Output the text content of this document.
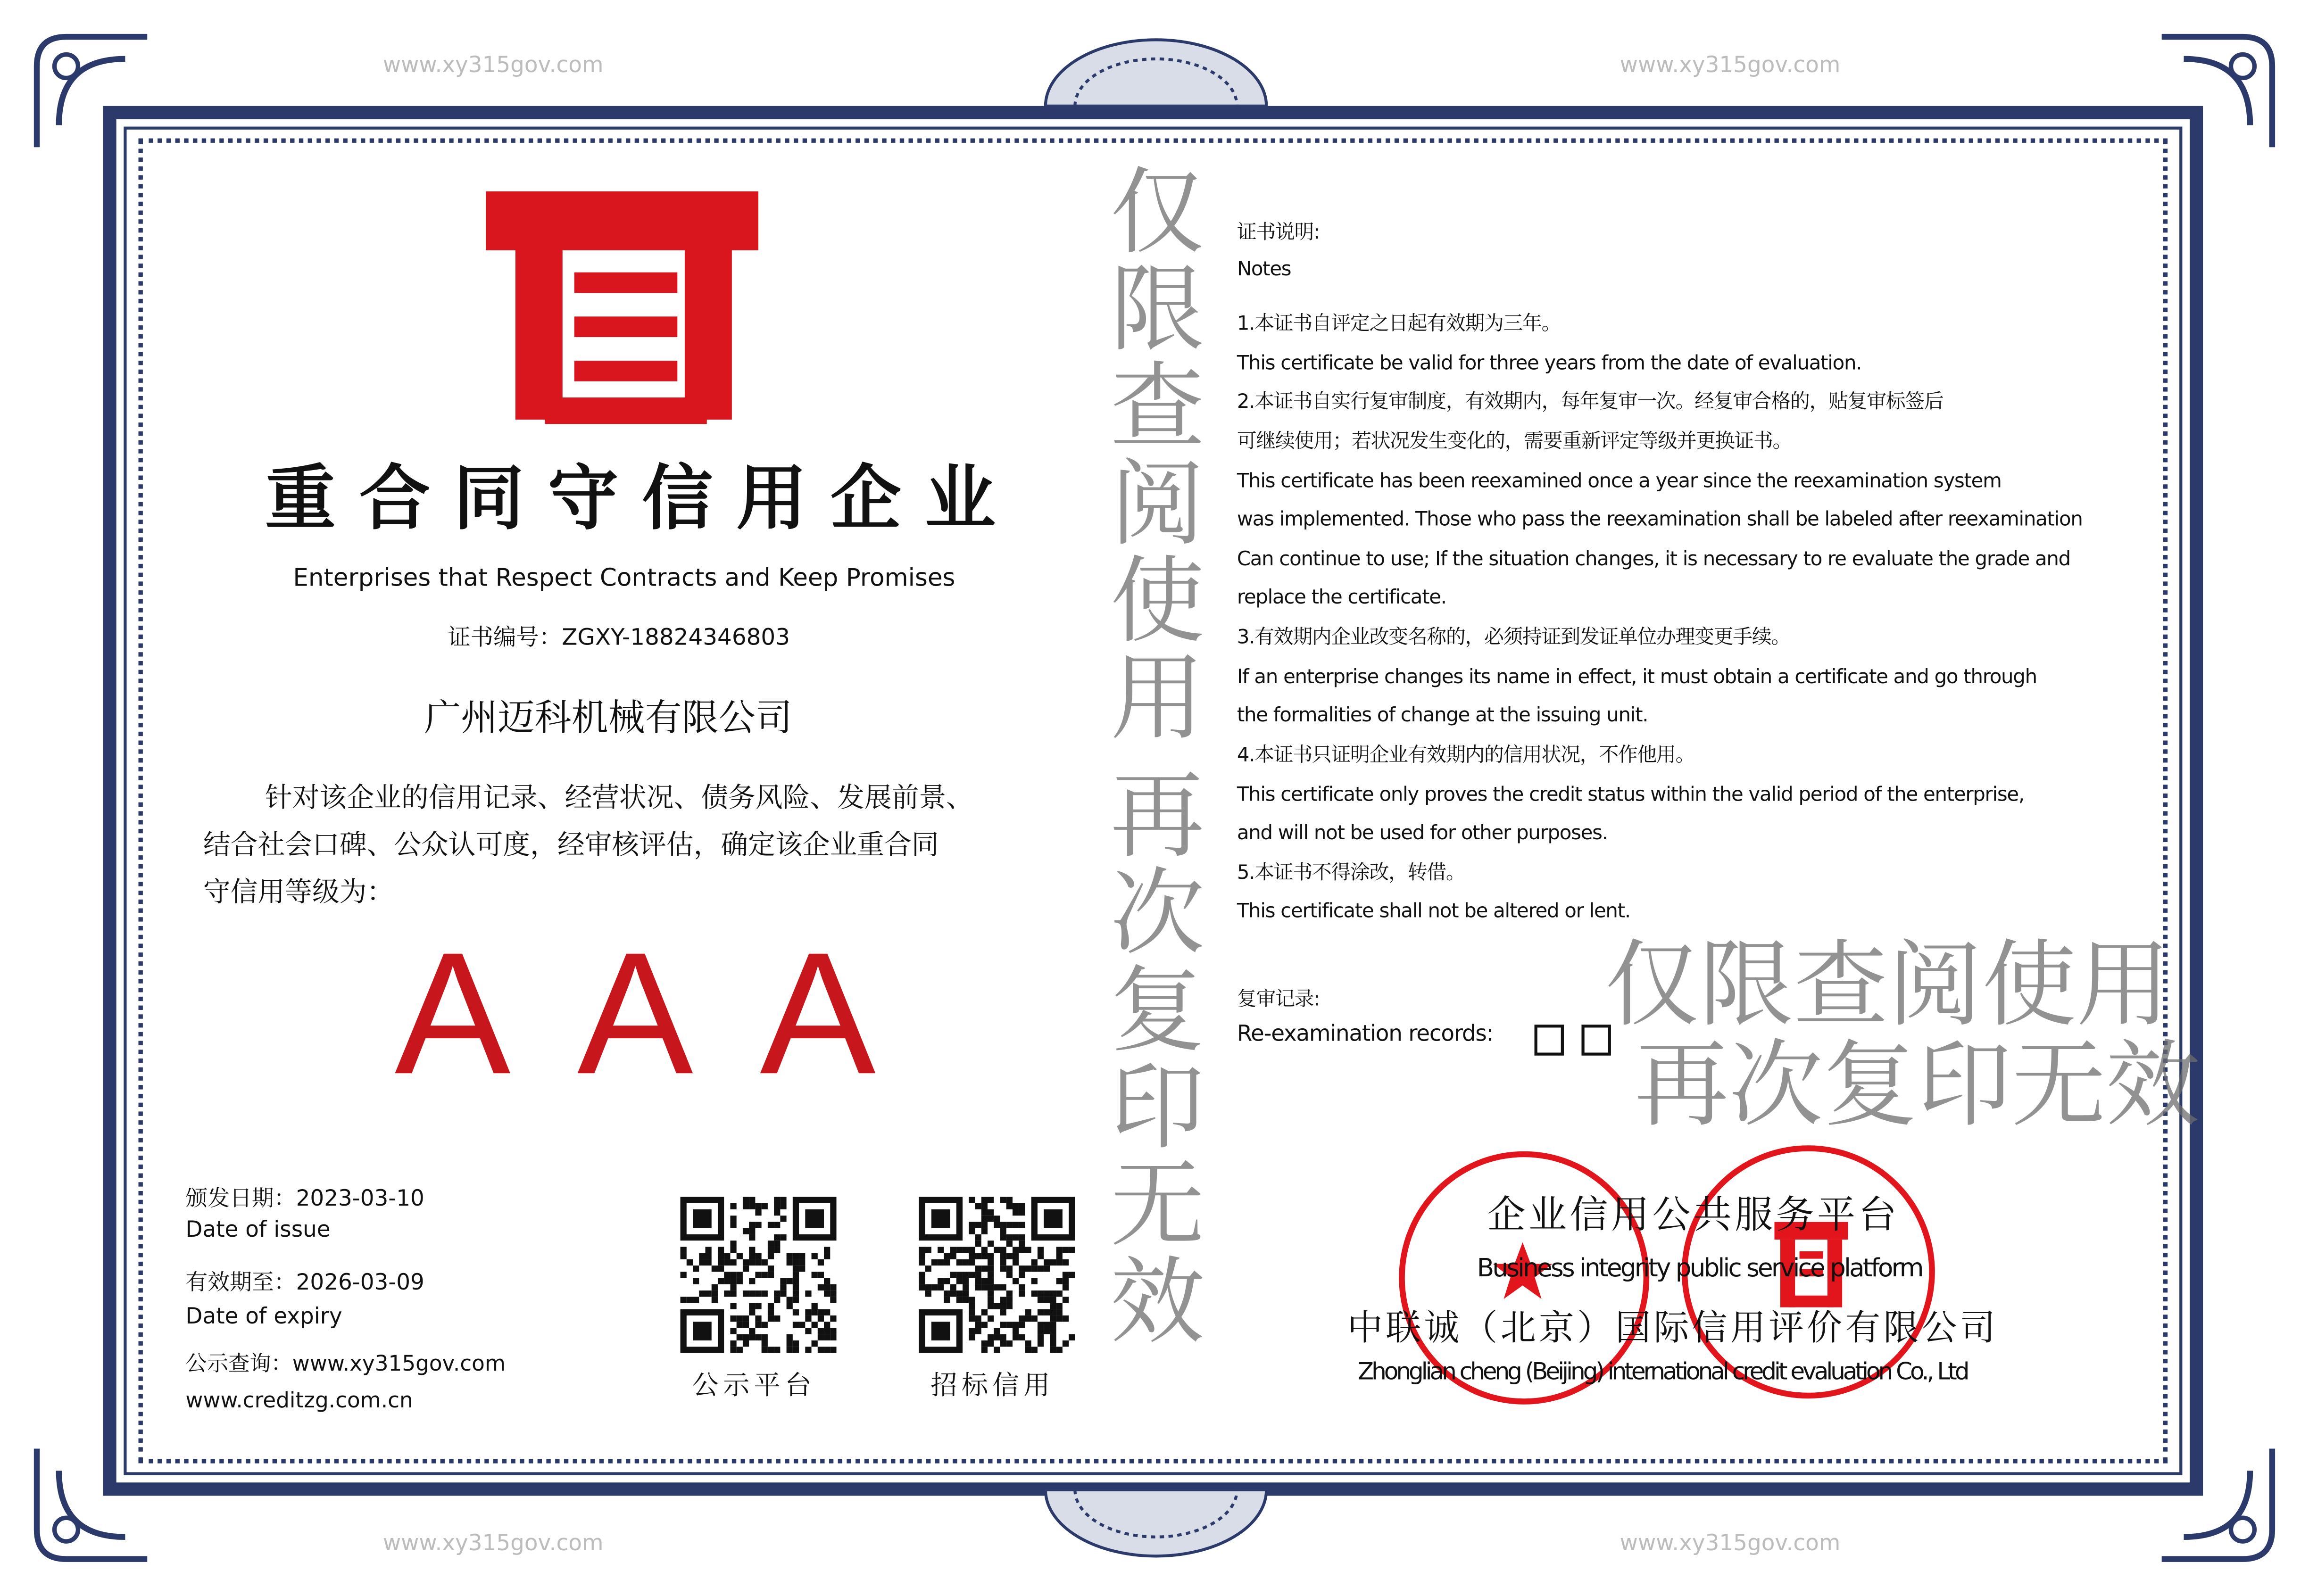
www.xy315gov.com	www.xy315gov.com
www.xy315gov.com	www.xy315gov.com
重合同守信用企业
Enterprises that Respect Contracts and Keep Promises
证书编号：ZGXY-18824346803
广州迈科机械有限公司
针对该企业的信用记录、经营状况、债务风险、发展前景、
结合社会口碑、公众认可度，经审核评估，确定该企业重合同
守信用等级为：
A A A
颁发日期：2023-03-10
Date of issue
有效期至：2026-03-09
Date of expiry
公示查询：www.xy315gov.com
www.creditzg.com.cn	公示平台	招标信用
证书说明:
Notes
1.本证书自评定之日起有效期为三年。
This certificate be valid for three years from the date of evaluation.
2.本证书自实行复审制度，有效期内，每年复审一次。经复审合格的，贴复审标签后
可继续使用；若状况发生变化的，需要重新评定等级并更换证书。
This certificate has been reexamined once a year since the reexamination system
was implemented. Those who pass the reexamination shall be labeled after reexamination
Can continue to use; If the situation changes, it is necessary to re evaluate the grade and
replace the certificate.
3.有效期内企业改变名称的，必须持证到发证单位办理变更手续。
If an enterprise changes its name in effect, it must obtain a certificate and go through
the formalities of change at the issuing unit.
4.本证书只证明企业有效期内的信用状况，不作他用。
This certificate only proves the credit status within the valid period of the enterprise,
and will not be used for other purposes.
5.本证书不得涂改，转借。
This certificate shall not be altered or lent.
复审记录:
Re-examination records:
企业信用公共服务平台
Business integrity public service platform
中联诚（北京）国际信用评价有限公司
Zhonglian cheng (Beijing) international credit evaluation Co., Ltd
仅限查阅使用
再次复印无效	仅限查阅使用
再次复印无效
